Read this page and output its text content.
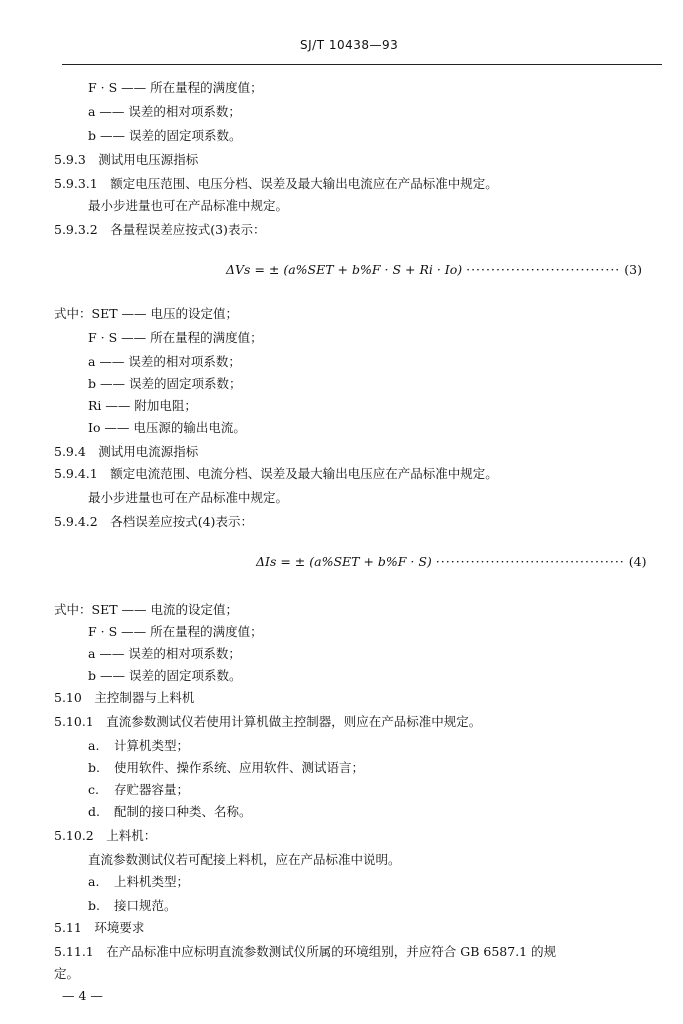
SJ/T 10438—93
F · S —— 所在量程的满度值；
a —— 误差的相对项系数；
b —— 误差的固定项系数。
5.9.3　测试用电压源指标
5.9.3.1　额定电压范围、电压分档、误差及最大输出电流应在产品标准中规定。
最小步进量也可在产品标准中规定。
5.9.3.2　各量程误差应按式(3)表示：
ΔVs = ± (a%SET + b%F · S + Ri · Io) ······························· (3)
式中：SET —— 电压的设定值；
F · S —— 所在量程的满度值；
a —— 误差的相对项系数；
b —— 误差的固定项系数；
Ri —— 附加电阻；
Io —— 电压源的输出电流。
5.9.4　测试用电流源指标
5.9.4.1　额定电流范围、电流分档、误差及最大输出电压应在产品标准中规定。
最小步进量也可在产品标准中规定。
5.9.4.2　各档误差应按式(4)表示：
ΔIs = ± (a%SET + b%F · S) ······································ (4)
式中：SET —— 电流的设定值；
F · S —— 所在量程的满度值；
a —— 误差的相对项系数；
b —— 误差的固定项系数。
5.10　主控制器与上料机
5.10.1　直流参数测试仪若使用计算机做主控制器，则应在产品标准中规定。
a. 计算机类型；
b. 使用软件、操作系统、应用软件、测试语言；
c. 存贮器容量；
d. 配制的接口种类、名称。
5.10.2　上料机：
直流参数测试仪若可配接上料机，应在产品标准中说明。
a. 上料机类型；
b. 接口规范。
5.11　环境要求
5.11.1　在产品标准中应标明直流参数测试仪所属的环境组别，并应符合 GB 6587.1 的规
定。
— 4 —
